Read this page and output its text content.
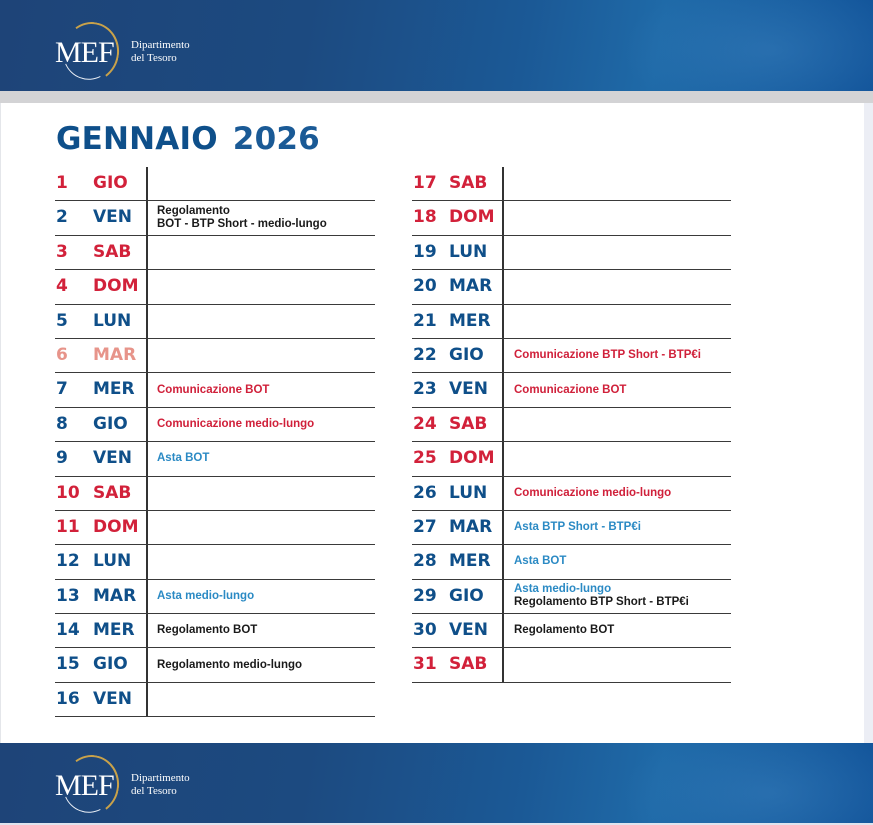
MEF Dipartimento
del Tesoro
GENNAIO 2026
1 GIO
2 VEN Regolamento
BOT - BTP Short - medio-lungo
3 SAB
4 DOM
5 LUN
6 MAR
7 MER Comunicazione BOT
8 GIO	Comunicazione medio-lungo
9 VEN Asta BOT
10 SAB
11 DOM
12 LUN
13 MAR Asta medio-lungo
14 MER Regolamento BOT
15 GIO	Regolamento medio-lungo
16 VEN
17 SAB
18 DOM
19 LUN
20 MAR
21 MER
22 GIO	Comunicazione BTP Short - BTP€i
23 VEN Comunicazione BOT
24 SAB
25 DOM
26 LUN Comunicazione medio-lungo
27 MAR Asta BTP Short - BTP€i
28 MER Asta BOT
29 GIO	Asta medio-lungo
Regolamento BTP Short - BTP€i
30 VEN Regolamento BOT
31 SAB
MEF Dipartimento
del Tesoro
